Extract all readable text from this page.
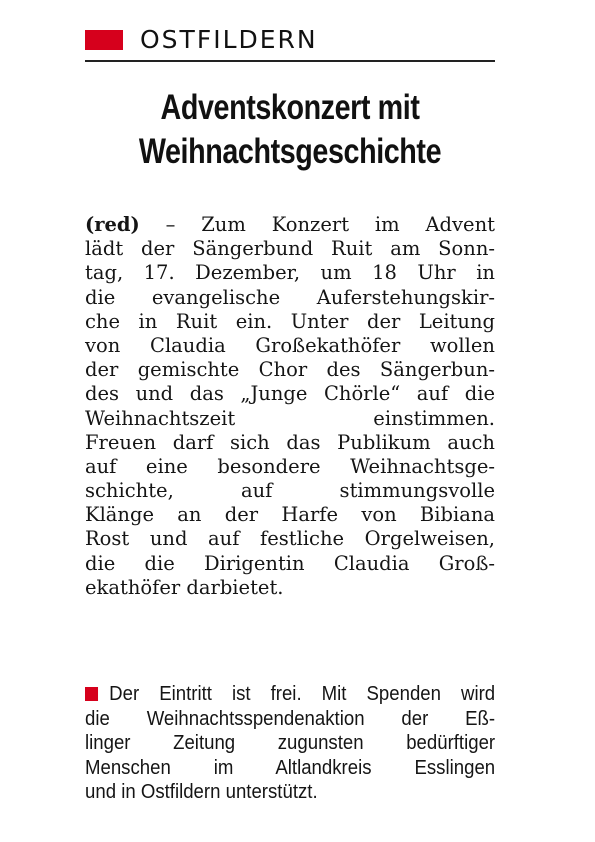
OSTFILDERN
Adventskonzert mit
Weihnachtsgeschichte
(red) – Zum Konzert im Advent
lädt der Sängerbund Ruit am Sonn-
tag, 17. Dezember, um 18 Uhr in
die evangelische Auferstehungskir-
che in Ruit ein. Unter der Leitung
von Claudia Großekathöfer wollen
der gemischte Chor des Sängerbun-
des und das „Junge Chörle“ auf die
Weihnachtszeit einstimmen.
Freuen darf sich das Publikum auch
auf eine besondere Weihnachtsge-
schichte, auf stimmungsvolle
Klänge an der Harfe von Bibiana
Rost und auf festliche Orgelweisen,
die die Dirigentin Claudia Groß-
ekathöfer darbietet.
Der Eintritt ist frei. Mit Spenden wird
die Weihnachtsspendenaktion der Eß-
linger Zeitung zugunsten bedürftiger
Menschen im Altlandkreis Esslingen
und in Ostfildern unterstützt.
